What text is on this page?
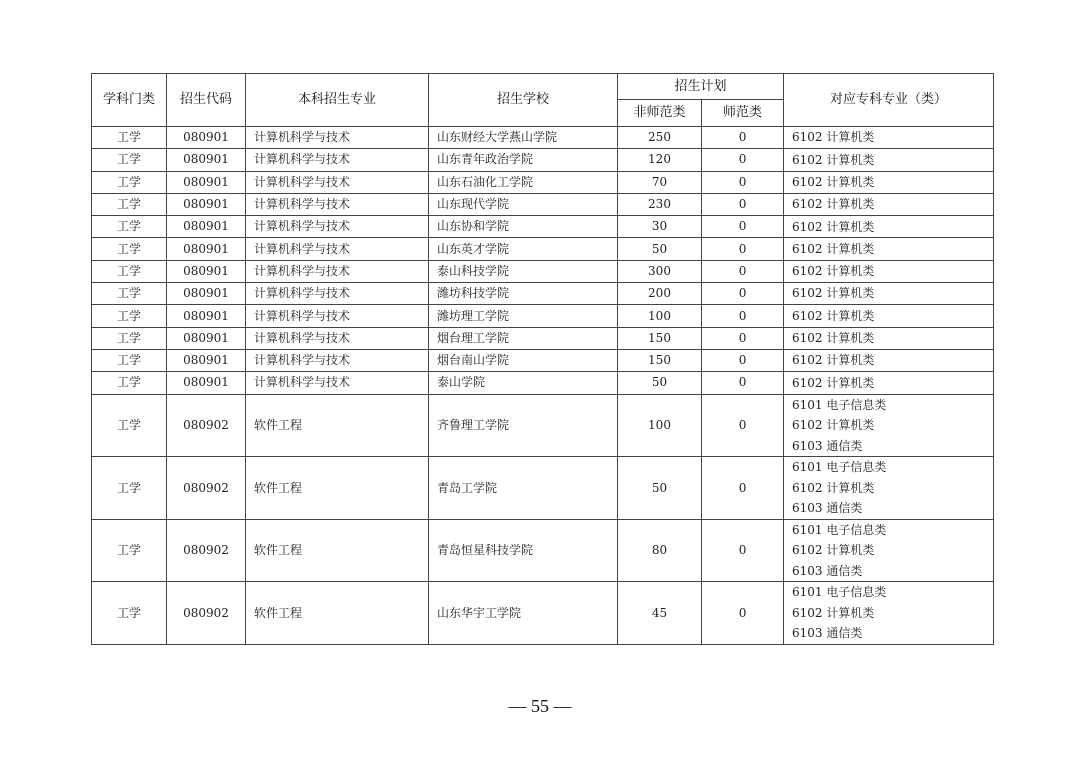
学科门类	招生代码	本科招生专业	招生学校	招生计划		对应专科专业（类）
				非师范类	师范类	
工学	080901	计算机科学与技术	山东财经大学燕山学院	250	0	6102 计算机类

工学	080901	计算机科学与技术	山东青年政治学院	120	0	6102 计算机类

工学	080901	计算机科学与技术	山东石油化工学院	70	0	6102 计算机类

工学	080901	计算机科学与技术	山东现代学院	230	0	6102 计算机类

工学	080901	计算机科学与技术	山东协和学院	30	0	6102 计算机类

工学	080901	计算机科学与技术	山东英才学院	50	0	6102 计算机类

工学	080901	计算机科学与技术	泰山科技学院	300	0	6102 计算机类

工学	080901	计算机科学与技术	潍坊科技学院	200	0	6102 计算机类

工学	080901	计算机科学与技术	潍坊理工学院	100	0	6102 计算机类

工学	080901	计算机科学与技术	烟台理工学院	150	0	6102 计算机类

工学	080901	计算机科学与技术	烟台南山学院	150	0	6102 计算机类

工学	080901	计算机科学与技术	泰山学院	50	0	6102 计算机类

工学	080902	软件工程	齐鲁理工学院	100	0	6101 电子信息类
6102 计算机类
6103 通信类

工学	080902	软件工程	青岛工学院	50	0	6101 电子信息类
6102 计算机类
6103 通信类

工学	080902	软件工程	青岛恒星科技学院	80	0	6101 电子信息类
6102 计算机类
6103 通信类

工学	080902	软件工程	山东华宇工学院	45	0	6101 电子信息类
6102 计算机类
6103 通信类
— 55 —
